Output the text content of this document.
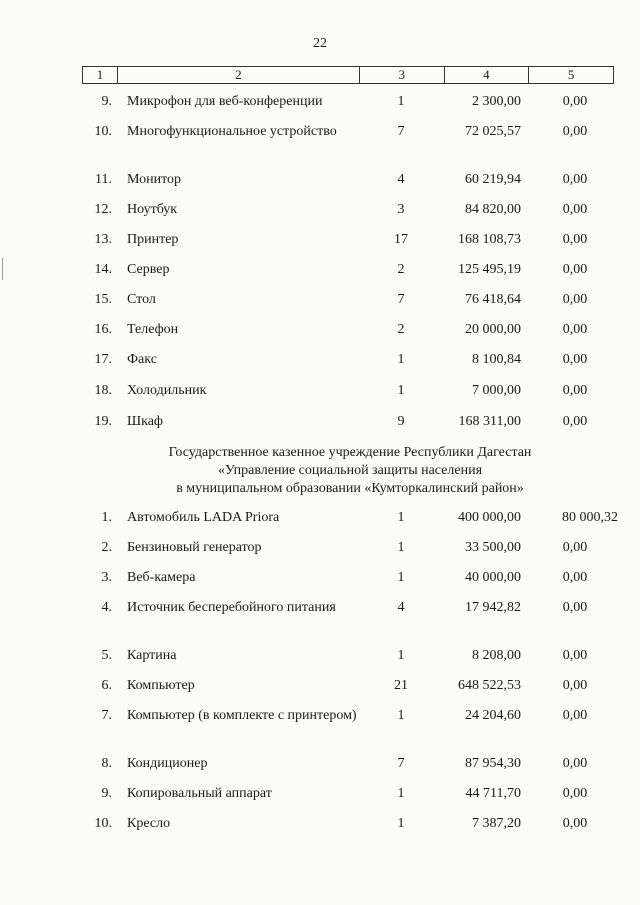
22
1	2	3	4	5
9. Микрофон для веб-конференции	1	2 300,00	0,00
10. Многофункциональное устройство	7	72 025,57	0,00
11. Монитор	4	60 219,94	0,00
12. Ноутбук	3	84 820,00	0,00
13. Принтер	17	168 108,73	0,00
14. Сервер	2	125 495,19	0,00
15. Стол	7	76 418,64	0,00
16. Телефон	2	20 000,00	0,00
17. Факс	1	8 100,84	0,00
18. Холодильник	1	7 000,00	0,00
19. Шкаф	9	168 311,00	0,00
Государственное казенное учреждение Республики Дагестан
«Управление социальной защиты населения
в муниципальном образовании «Кумторкалинский район»
1. Автомобиль LADA Priora	1	400 000,00	80 000,32
2. Бензиновый генератор	1	33 500,00	0,00
3. Веб-камера	1	40 000,00	0,00
4. Источник бесперебойного питания	4	17 942,82	0,00
5. Картина	1	8 208,00	0,00
6. Компьютер	21	648 522,53	0,00
7. Компьютер (в комплекте с принтером)	1	24 204,60	0,00
8. Кондиционер	7	87 954,30	0,00
9. Копировальный аппарат	1	44 711,70	0,00
10. Кресло	1	7 387,20	0,00
